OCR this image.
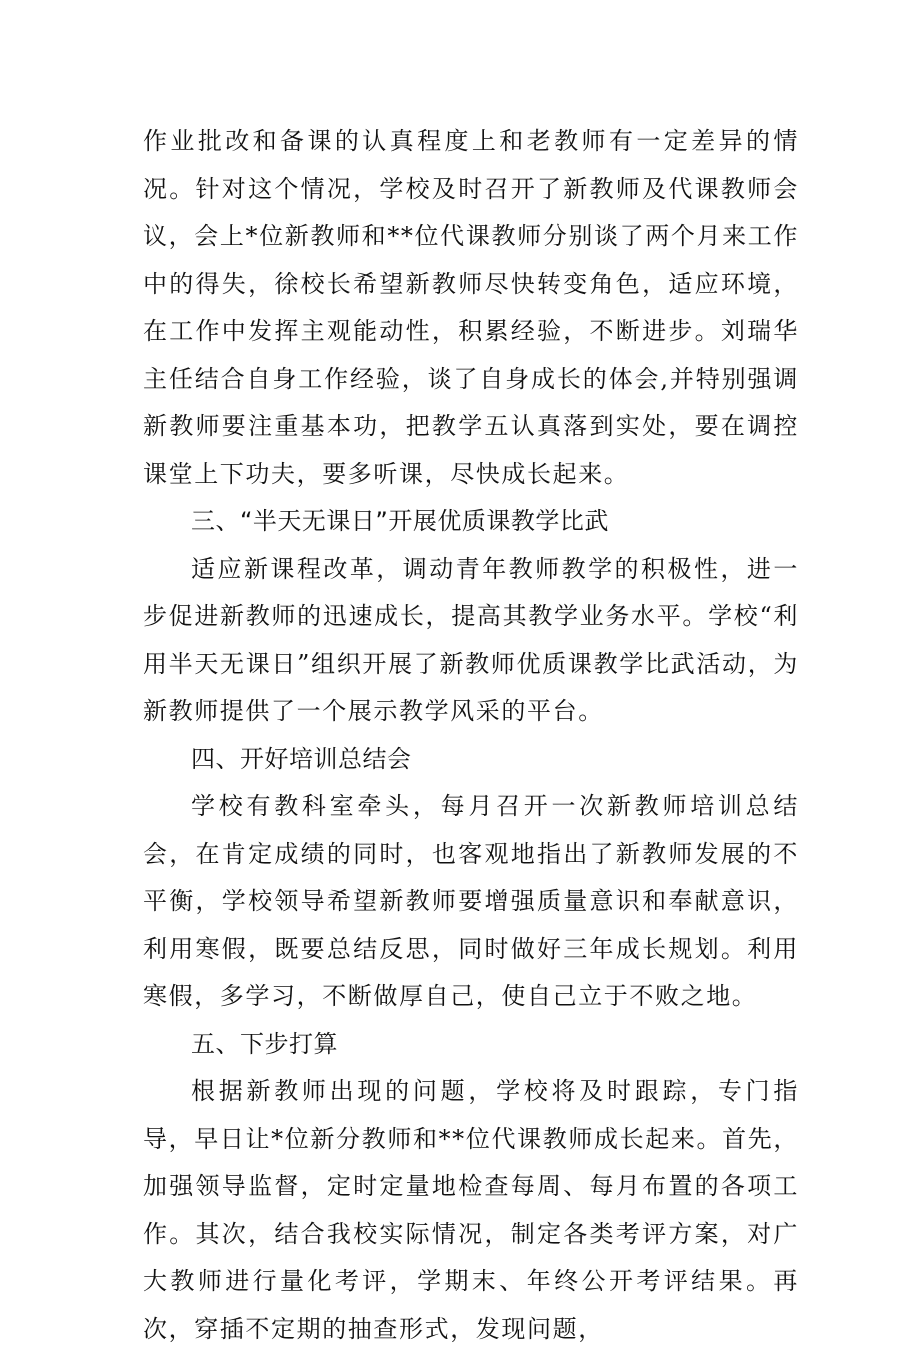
作业批改和备课的认真程度上和老教师有一定差异的情况。针对这个情况，学校及时召开了新教师及代课教师会议，会上*位新教师和**位代课教师分别谈了两个月来工作中的得失，徐校长希望新教师尽快转变角色，适应环境，在工作中发挥主观能动性，积累经验，不断进步。刘瑞华主任结合自身工作经验，谈了自身成长的体会,并特别强调新教师要注重基本功，把教学五认真落到实处，要在调控课堂上下功夫，要多听课，尽快成长起来。

三、“半天无课日”开展优质课教学比武

适应新课程改革，调动青年教师教学的积极性，进一步促进新教师的迅速成长，提高其教学业务水平。学校“利用半天无课日”组织开展了新教师优质课教学比武活动，为新教师提供了一个展示教学风采的平台。

四、开好培训总结会

学校有教科室牵头，每月召开一次新教师培训总结会，在肯定成绩的同时，也客观地指出了新教师发展的不平衡，学校领导希望新教师要增强质量意识和奉献意识，利用寒假，既要总结反思，同时做好三年成长规划。利用寒假，多学习，不断做厚自己，使自己立于不败之地。

五、下步打算

根据新教师出现的问题，学校将及时跟踪，专门指导，早日让*位新分教师和**位代课教师成长起来。首先，加强领导监督，定时定量地检查每周、每月布置的各项工作。其次，结合我校实际情况，制定各类考评方案，对广大教师进行量化考评，学期末、年终公开考评结果。再次，穿插不定期的抽查形式，发现问题，
